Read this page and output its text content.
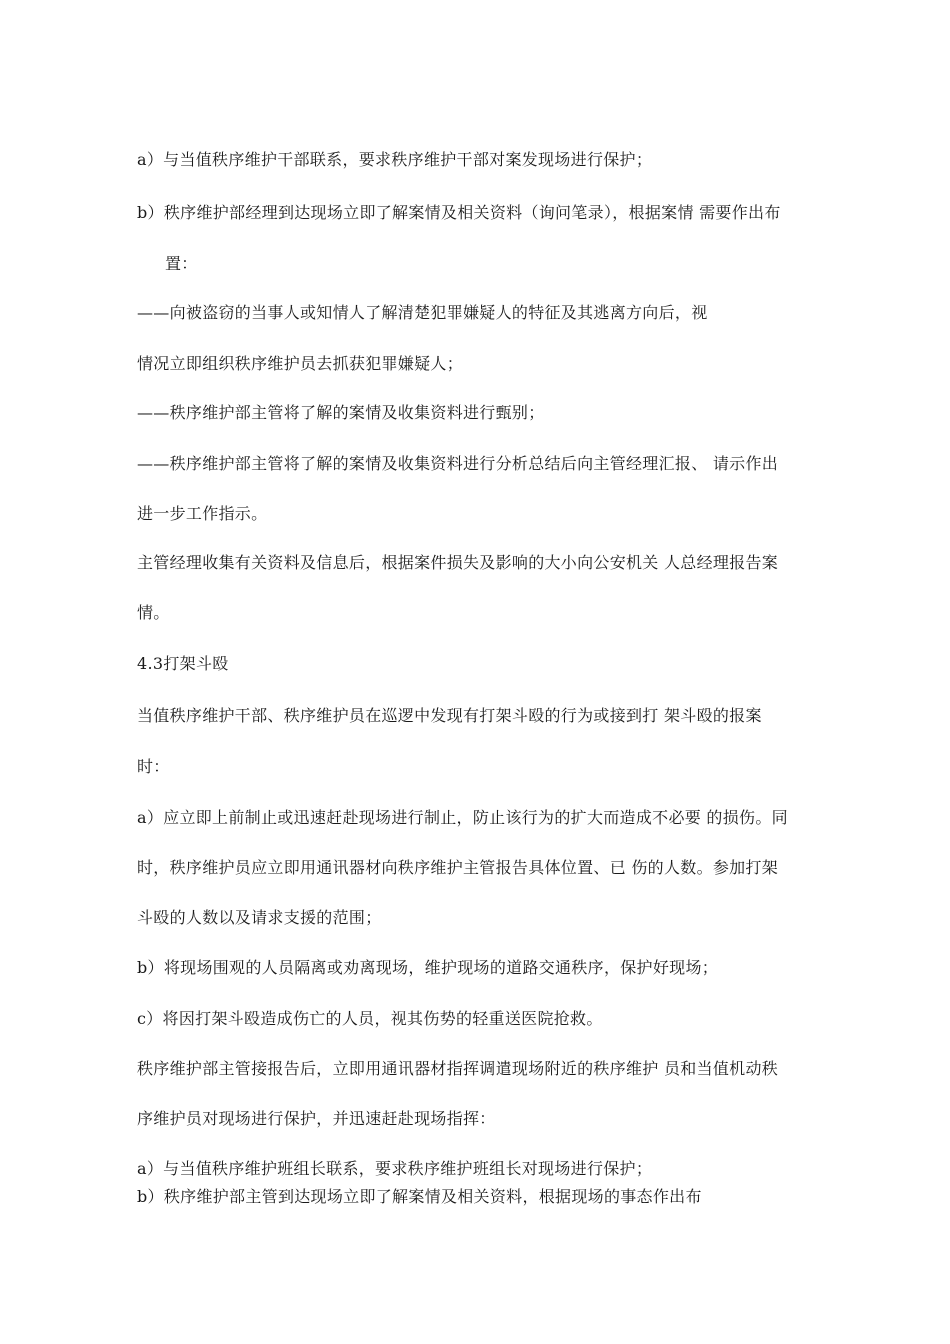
a）与当值秩序维护干部联系，要求秩序维护干部对案发现场进行保护；
b）秩序维护部经理到达现场立即了解案情及相关资料（询问笔录），根据案情 需要作出布
置：
——向被盗窃的当事人或知情人了解清楚犯罪嫌疑人的特征及其逃离方向后，视
情况立即组织秩序维护员去抓获犯罪嫌疑人；
——秩序维护部主管将了解的案情及收集资料进行甄别；
——秩序维护部主管将了解的案情及收集资料进行分析总结后向主管经理汇报、 请示作出
进一步工作指示。
主管经理收集有关资料及信息后，根据案件损失及影响的大小向公安机关 人总经理报告案
情。
4.3打架斗殴
当值秩序维护干部、秩序维护员在巡逻中发现有打架斗殴的行为或接到打 架斗殴的报案
时：
a）应立即上前制止或迅速赶赴现场进行制止，防止该行为的扩大而造成不必要 的损伤。同
时，秩序维护员应立即用通讯器材向秩序维护主管报告具体位置、已 伤的人数。参加打架
斗殴的人数以及请求支援的范围；
b）将现场围观的人员隔离或劝离现场，维护现场的道路交通秩序，保护好现场；
c）将因打架斗殴造成伤亡的人员，视其伤势的轻重送医院抢救。
秩序维护部主管接报告后，立即用通讯器材指挥调遣现场附近的秩序维护 员和当值机动秩
序维护员对现场进行保护，并迅速赶赴现场指挥：
a）与当值秩序维护班组长联系，要求秩序维护班组长对现场进行保护；
b）秩序维护部主管到达现场立即了解案情及相关资料，根据现场的事态作出布
